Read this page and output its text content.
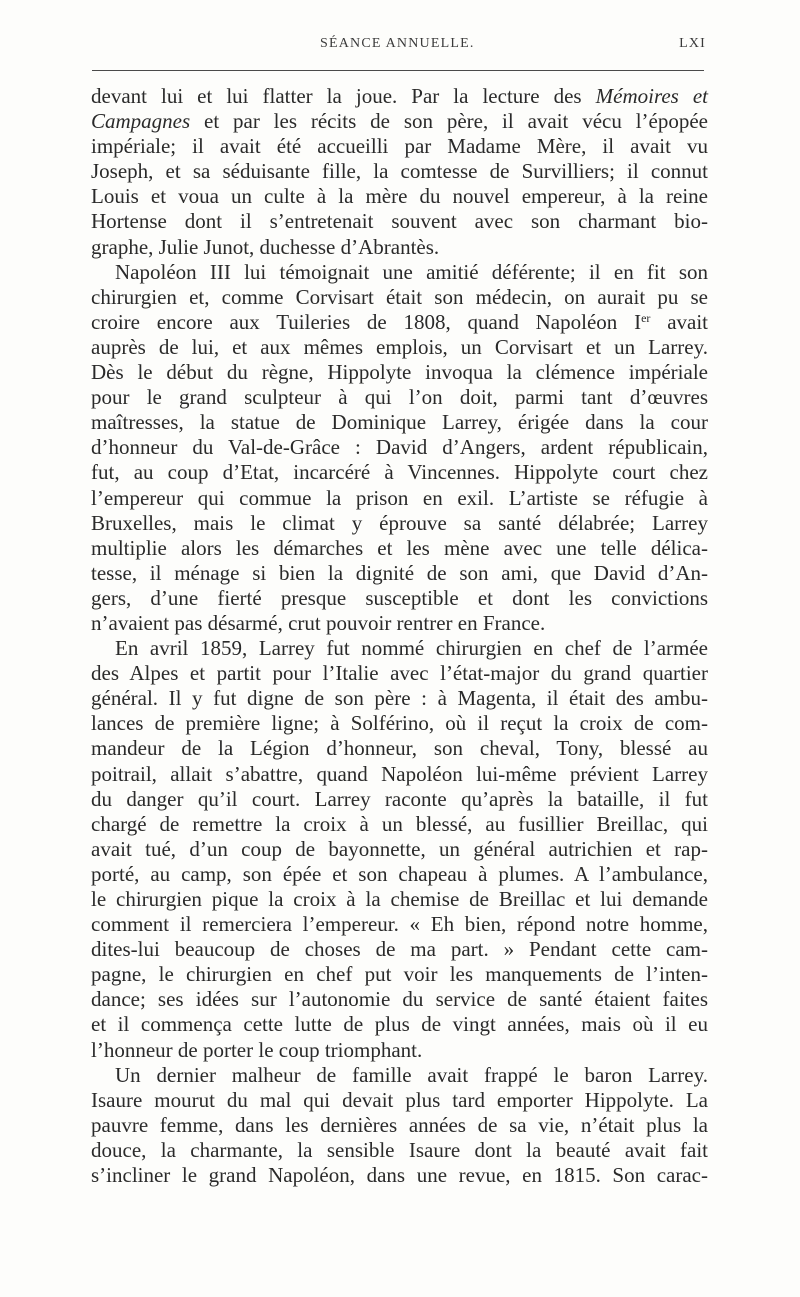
SÉANCE ANNUELLE.	LXI
devant lui et lui flatter la joue. Par la lecture des Mémoires et
Campagnes et par les récits de son père, il avait vécu l’épopée
impériale; il avait été accueilli par Madame Mère, il avait vu
Joseph, et sa séduisante fille, la comtesse de Survilliers; il connut
Louis et voua un culte à la mère du nouvel empereur, à la reine
Hortense dont il s’entretenait souvent avec son charmant bio-
graphe, Julie Junot, duchesse d’Abrantès.
Napoléon III lui témoignait une amitié déférente; il en fit son
chirurgien et, comme Corvisart était son médecin, on aurait pu se
croire encore aux Tuileries de 1808, quand Napoléon Ier avait
auprès de lui, et aux mêmes emplois, un Corvisart et un Larrey.
Dès le début du règne, Hippolyte invoqua la clémence impériale
pour le grand sculpteur à qui l’on doit, parmi tant d’œuvres
maîtresses, la statue de Dominique Larrey, érigée dans la cour
d’honneur du Val-de-Grâce : David d’Angers, ardent républicain,
fut, au coup d’Etat, incarcéré à Vincennes. Hippolyte court chez
l’empereur qui commue la prison en exil. L’artiste se réfugie à
Bruxelles, mais le climat y éprouve sa santé délabrée; Larrey
multiplie alors les démarches et les mène avec une telle délica-
tesse, il ménage si bien la dignité de son ami, que David d’An-
gers, d’une fierté presque susceptible et dont les convictions
n’avaient pas désarmé, crut pouvoir rentrer en France.
En avril 1859, Larrey fut nommé chirurgien en chef de l’armée
des Alpes et partit pour l’Italie avec l’état-major du grand quartier
général. Il y fut digne de son père : à Magenta, il était des ambu-
lances de première ligne; à Solférino, où il reçut la croix de com-
mandeur de la Légion d’honneur, son cheval, Tony, blessé au
poitrail, allait s’abattre, quand Napoléon lui-même prévient Larrey
du danger qu’il court. Larrey raconte qu’après la bataille, il fut
chargé de remettre la croix à un blessé, au fusillier Breillac, qui
avait tué, d’un coup de bayonnette, un général autrichien et rap-
porté, au camp, son épée et son chapeau à plumes. A l’ambulance,
le chirurgien pique la croix à la chemise de Breillac et lui demande
comment il remerciera l’empereur. « Eh bien, répond notre homme,
dites-lui beaucoup de choses de ma part. » Pendant cette cam-
pagne, le chirurgien en chef put voir les manquements de l’inten-
dance; ses idées sur l’autonomie du service de santé étaient faites
et il commença cette lutte de plus de vingt années, mais où il eu
l’honneur de porter le coup triomphant.
Un dernier malheur de famille avait frappé le baron Larrey.
Isaure mourut du mal qui devait plus tard emporter Hippolyte. La
pauvre femme, dans les dernières années de sa vie, n’était plus la
douce, la charmante, la sensible Isaure dont la beauté avait fait
s’incliner le grand Napoléon, dans une revue, en 1815. Son carac-
